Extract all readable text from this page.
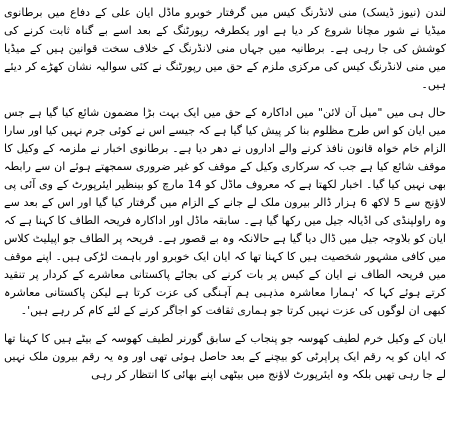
لندن (نیوز ڈیسک) منی لانڈرنگ کیس میں گرفتار خوبرو ماڈل ایان علی کے دفاع میں برطانوی میڈیا نے شور مچانا شروع کر دیا ہے اور یکطرفہ رپورٹنگ کے بعد اسے بے گناہ ثابت کرنے کی کوشش کی جا رہی ہے۔ برطانیہ میں جہاں منی لانڈرنگ کے خلاف سخت قوانین ہیں کے میڈیا میں منی لانڈرنگ کیس کی مرکزی ملزم کے حق میں رپورٹنگ نے کئی سوالیہ نشان کھڑے کر دیئے ہیں۔

حال ہی میں "میل آن لائن" میں اداکارہ کے حق میں ایک بہت بڑا مضمون شائع کیا گیا ہے جس میں ایان کو اس طرح مظلوم بنا کر پیش کیا گیا ہے کہ جیسے اس نے کوئی جرم نہیں کیا اور سارا الزام خام خواہ قانون نافذ کرنے والے اداروں نے دھر دیا ہے۔ برطانوی اخبار نے ملزمہ کے وکیل کا موقف شائع کیا ہے جب کہ سرکاری وکیل کے موقف کو غیر ضروری سمجھتے ہوئے ان سے رابطہ بھی نہیں کیا گیا۔ اخبار لکھتا ہے کہ معروف ماڈل کو 14 مارچ کو بینظیر ایئرپورٹ کے وی آئی پی لاؤنج سے 5 لاکھ 6 ہزار ڈالر بیرون ملک لے جانے کے الزام میں گرفتار کیا گیا اور اس کے بعد سے وہ راولپنڈی کی اڈیالہ جیل میں رکھا گیا ہے۔ سابقہ ماڈل اور اداکارہ فریحہ الطاف کا کہنا ہے کہ ایان کو بلاوجہ جیل میں ڈال دیا گیا ہے حالانکہ وہ بے قصور ہے۔ فریحہ پر الطاف جو اپیلیٹ کلاس میں کافی مشہور شخصیت ہیں کا کہنا تھا کہ ایان ایک خوبرو اور باہمت لڑکی ہیں۔ اپنے موقف میں فریحہ الطاف نے ایان کے کیس پر بات کرنے کی بجائے پاکستانی معاشرے کے کردار پر تنقید کرتے ہوئے کہا کہ 'ہمارا معاشرہ مذہبی ہم آہنگی کی عزت کرتا ہے لیکن پاکستانی معاشرہ کبھی ان لوگوں کی عزت نہیں کرتا جو ہماری ثقافت کو اجاگر کرنے کے لئے کام کر رہے ہیں'۔

ایان کے وکیل خرم لطیف کھوسہ جو پنجاب کے سابق گورنر لطیف کھوسہ کے بیٹے ہیں کا کہنا تھا کہ ایان کو یہ رقم ایک پراپرٹی کو بیچنے کے بعد حاصل ہوئی تھی اور وہ یہ رقم بیرون ملک نہیں لے جا رہی تھیں بلکہ وہ ایئرپورٹ لاؤنج میں بیٹھی اپنے بھائی کا انتظار کر رہی
